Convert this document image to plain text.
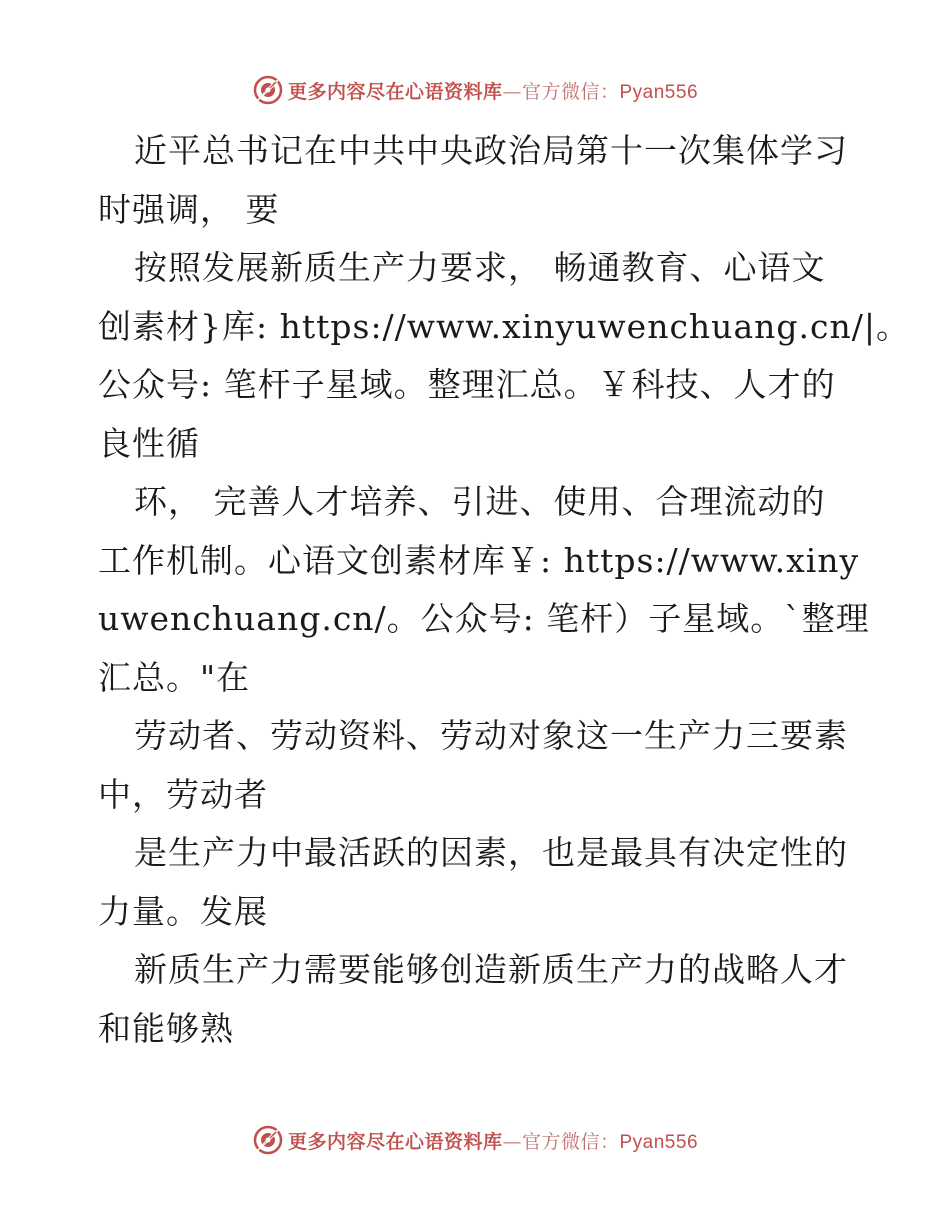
更多内容尽在心语资料库—官方微信：Pyan556
近平总书记在中共中央政治局第十一次集体学习
时强调， 要
按照发展新质生产力要求， 畅通教育、心语文
创素材}库: https://www.xinyuwenchuang.cn/|。
公众号: 笔杆子星域。整理汇总。￥科技、人才的
良性循
环， 完善人才培养、引进、使用、合理流动的
工作机制。心语文创素材库￥: https://www.xiny
uwenchuang.cn/。公众号: 笔杆）子星域。`整理
汇总。"在
劳动者、劳动资料、劳动对象这一生产力三要素
中，劳动者
是生产力中最活跃的因素，也是最具有决定性的
力量。发展
新质生产力需要能够创造新质生产力的战略人才
和能够熟
更多内容尽在心语资料库—官方微信：Pyan556
